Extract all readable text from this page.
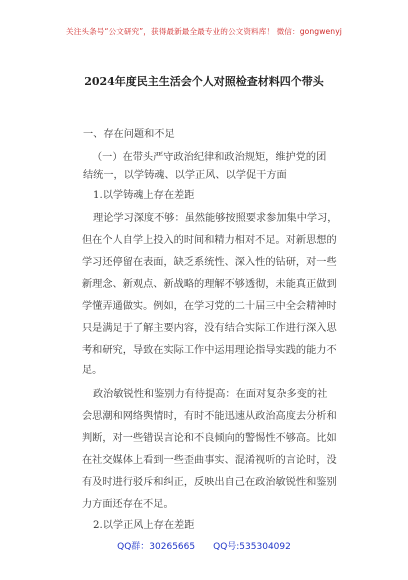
关注头条号“公文研究”，获得最新最全最专业的公文资料库！ 微信：gongwenyj
2024年度民主生活会个人对照检查材料四个带头
一、存在问题和不足
（一）在带头严守政治纪律和政治规矩，维护党的团
结统一，以学铸魂、以学正风、以学促干方面
1.以学铸魂上存在差距
理论学习深度不够：虽然能够按照要求参加集中学习，
但在个人自学上投入的时间和精力相对不足。对新思想的
学习还停留在表面，缺乏系统性、深入性的钻研，对一些
新理念、新观点、新战略的理解不够透彻，未能真正做到
学懂弄通做实。例如，在学习党的二十届三中全会精神时
只是满足于了解主要内容，没有结合实际工作进行深入思
考和研究，导致在实际工作中运用理论指导实践的能力不
足。
政治敏锐性和鉴别力有待提高：在面对复杂多变的社
会思潮和网络舆情时，有时不能迅速从政治高度去分析和
判断，对一些错误言论和不良倾向的警惕性不够高。比如
在社交媒体上看到一些歪曲事实、混淆视听的言论时，没
有及时进行驳斥和纠正，反映出自己在政治敏锐性和鉴别
力方面还存在不足。
2.以学正风上存在差距
QQ群：30265665 QQ号:535304092
